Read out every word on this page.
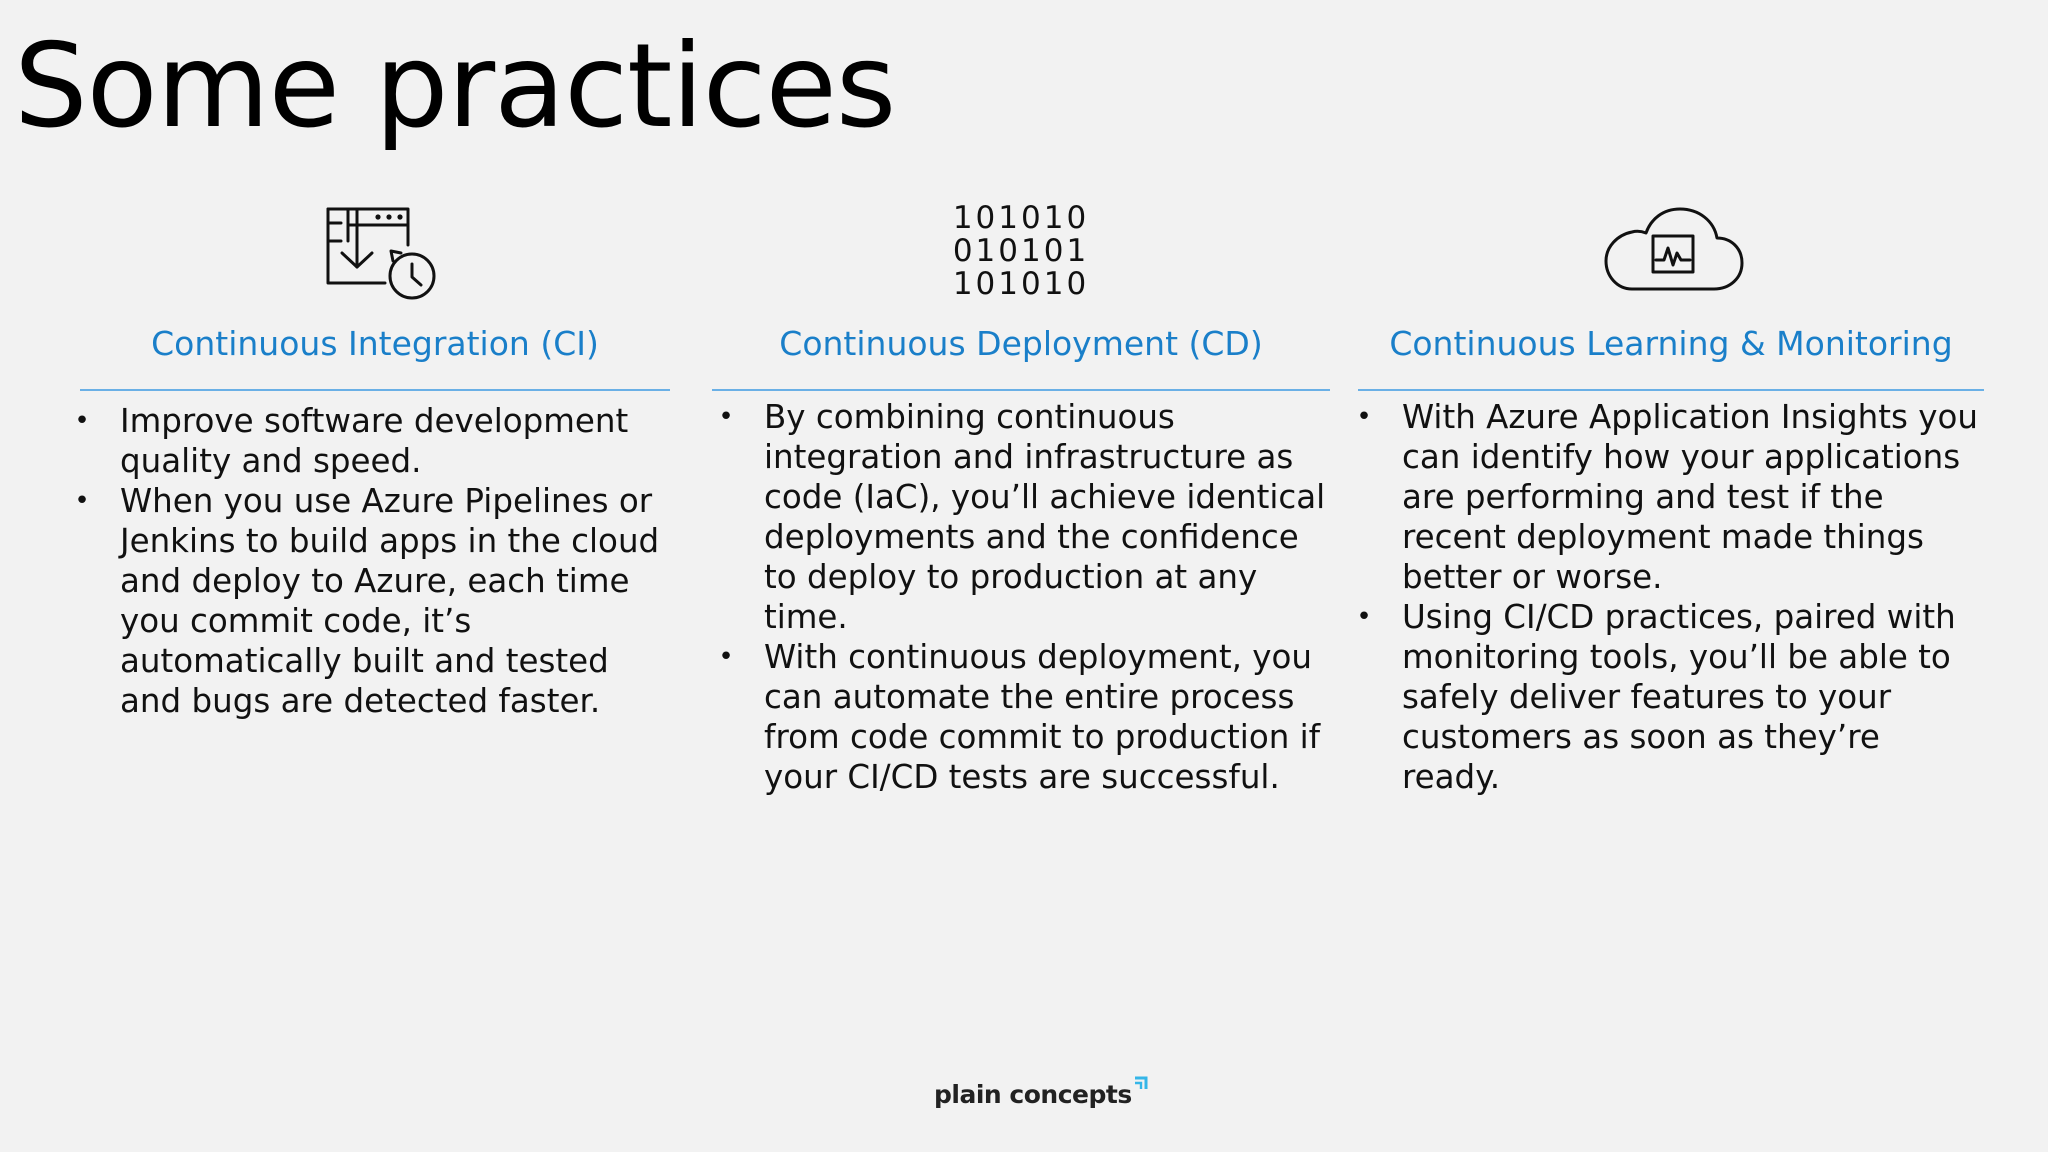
Some practices
Continuous Integration (CI)
• Improve software development quality and speed.
• When you use Azure Pipelines or Jenkins to build apps in the cloud and deploy to Azure, each time you commit code, it’s automatically built and tested and bugs are detected faster.
101010
010101
101010
Continuous Deployment (CD)
• By combining continuous integration and infrastructure as code (IaC), you’ll achieve identical deployments and the confidence to deploy to production at any time.
• With continuous deployment, you can automate the entire process from code commit to production if your CI/CD tests are successful.
Continuous Learning & Monitoring
• With Azure Application Insights you can identify how your applications are performing and test if the recent deployment made things better or worse.
• Using CI/CD practices, paired with monitoring tools, you’ll be able to safely deliver features to your customers as soon as they’re ready.
plain concepts
